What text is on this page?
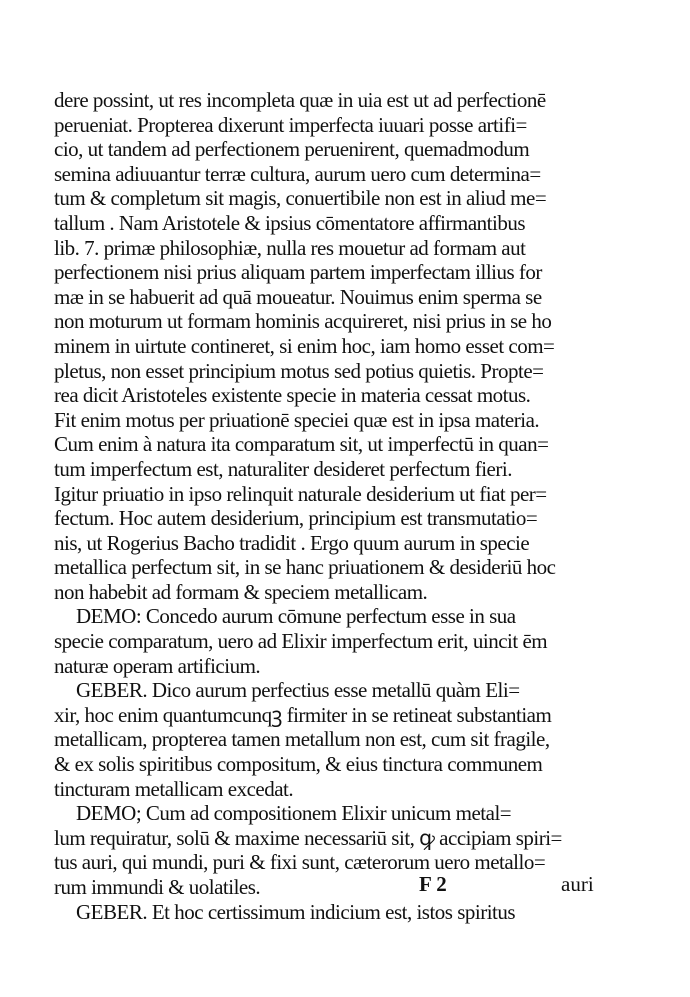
dere possint, ut res incompleta quæ in uia est ut ad perfectionē
perueniat. Propterea dixerunt imperfecta iuuari posse artifi=
cio, ut tandem ad perfectionem peruenirent, quemadmodum
semina adiuuantur terræ cultura, aurum uero cum determina=
tum & completum sit magis, conuertibile non est in aliud me=
tallum . Nam Aristotele & ipsius cōmentatore affirmantibus
lib. 7. primæ philosophiæ, nulla res mouetur ad formam aut
perfectionem nisi prius aliquam partem imperfectam illius for
mæ in se habuerit ad quā moueatur. Nouimus enim sperma se
non moturum ut formam hominis acquireret, nisi prius in se ho
minem in uirtute contineret, si enim hoc, iam homo esset com=
pletus, non esset principium motus sed potius quietis. Propte=
rea dicit Aristoteles existente specie in materia cessat motus.
Fit enim motus per priuationē speciei quæ est in ipsa materia.
Cum enim à natura ita comparatum sit, ut imperfectū in quan=
tum imperfectum est, naturaliter desideret perfectum fieri.
Igitur priuatio in ipso relinquit naturale desiderium ut fiat per=
fectum. Hoc autem desiderium, principium est transmutatio=
nis, ut Rogerius Bacho tradidit . Ergo quum aurum in specie
metallica perfectum sit, in se hanc priuationem & desideriū hoc
non habebit ad formam & speciem metallicam.
DEMO: Concedo aurum cōmune perfectum esse in sua
specie comparatum, uero ad Elixir imperfectum erit, uincit ēm
naturæ operam artificium.
GEBER. Dico aurum perfectius esse metallū quàm Eli=
xir, hoc enim quantumcunqꝫ firmiter in se retineat substantiam
metallicam, propterea tamen metallum non est, cum sit fragile,
& ex solis spiritibus compositum, & eius tinctura communem
tincturam metallicam excedat.
DEMO; Cum ad compositionem Elixir unicum metal=
lum requiratur, solū & maxime necessariū sit, ꝙ accipiam spiri=
tus auri, qui mundi, puri & fixi sunt, cæterorum uero metallo=
rum immundi & uolatiles.
GEBER. Et hoc certissimum indicium est, istos spiritus
F 2	auri
